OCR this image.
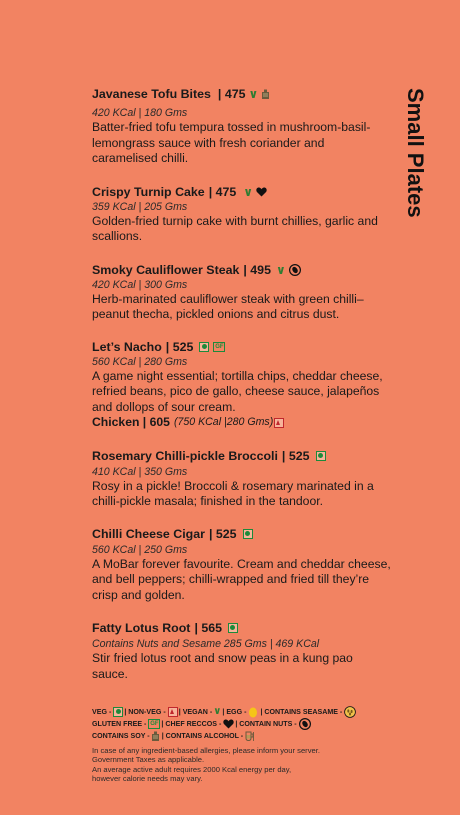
Small Plates
Javanese Tofu Bites | 475 ∨
420 KCal | 180 Gms
Batter-fried tofu tempura tossed in mushroom-basil-lemongrass sauce with fresh coriander and caramelised chilli.
Crispy Turnip Cake | 475 ∨
359 KCal | 205 Gms
Golden-fried turnip cake with burnt chillies, garlic and scallions.
Smoky Cauliflower Steak | 495 ∨
420 KCal | 300 Gms
Herb-marinated cauliflower steak with green chilli–peanut thecha, pickled onions and citrus dust.
Let’s Nacho | 525	GF
560 KCal | 280 Gms
A game night essential; tortilla chips, cheddar cheese, refried beans, pico de gallo, cheese sauce, jalapeños and dollops of sour cream.
Chicken | 605 (750 KCal |280 Gms)
Rosemary Chilli-pickle Broccoli | 525
410 KCal | 350 Gms
Rosy in a pickle! Broccoli & rosemary marinated in a chilli-pickle masala; finished in the tandoor.
Chilli Cheese Cigar | 525
560 KCal | 250 Gms
A MoBar forever favourite. Cream and cheddar cheese, and bell peppers; chilli-wrapped and fried till they’re crisp and golden.
Fatty Lotus Root | 565
Contains Nuts and Sesame 285 Gms | 469 KCal
Stir fried lotus root and snow peas in a kung pao sauce.
VEG - | NON-VEG - | VEGAN - ∨ | EGG - | CONTAINS SEASAME -
GLUTEN FREE - GF | CHEF RECCOS - | CONTAIN NUTS -
CONTAINS SOY - | CONTAINS ALCOHOL -
In case of any ingredient-based allergies, please inform your server.
Government Taxes as applicable.
An average active adult requires 2000 Kcal energy per day,
however calorie needs may vary.
